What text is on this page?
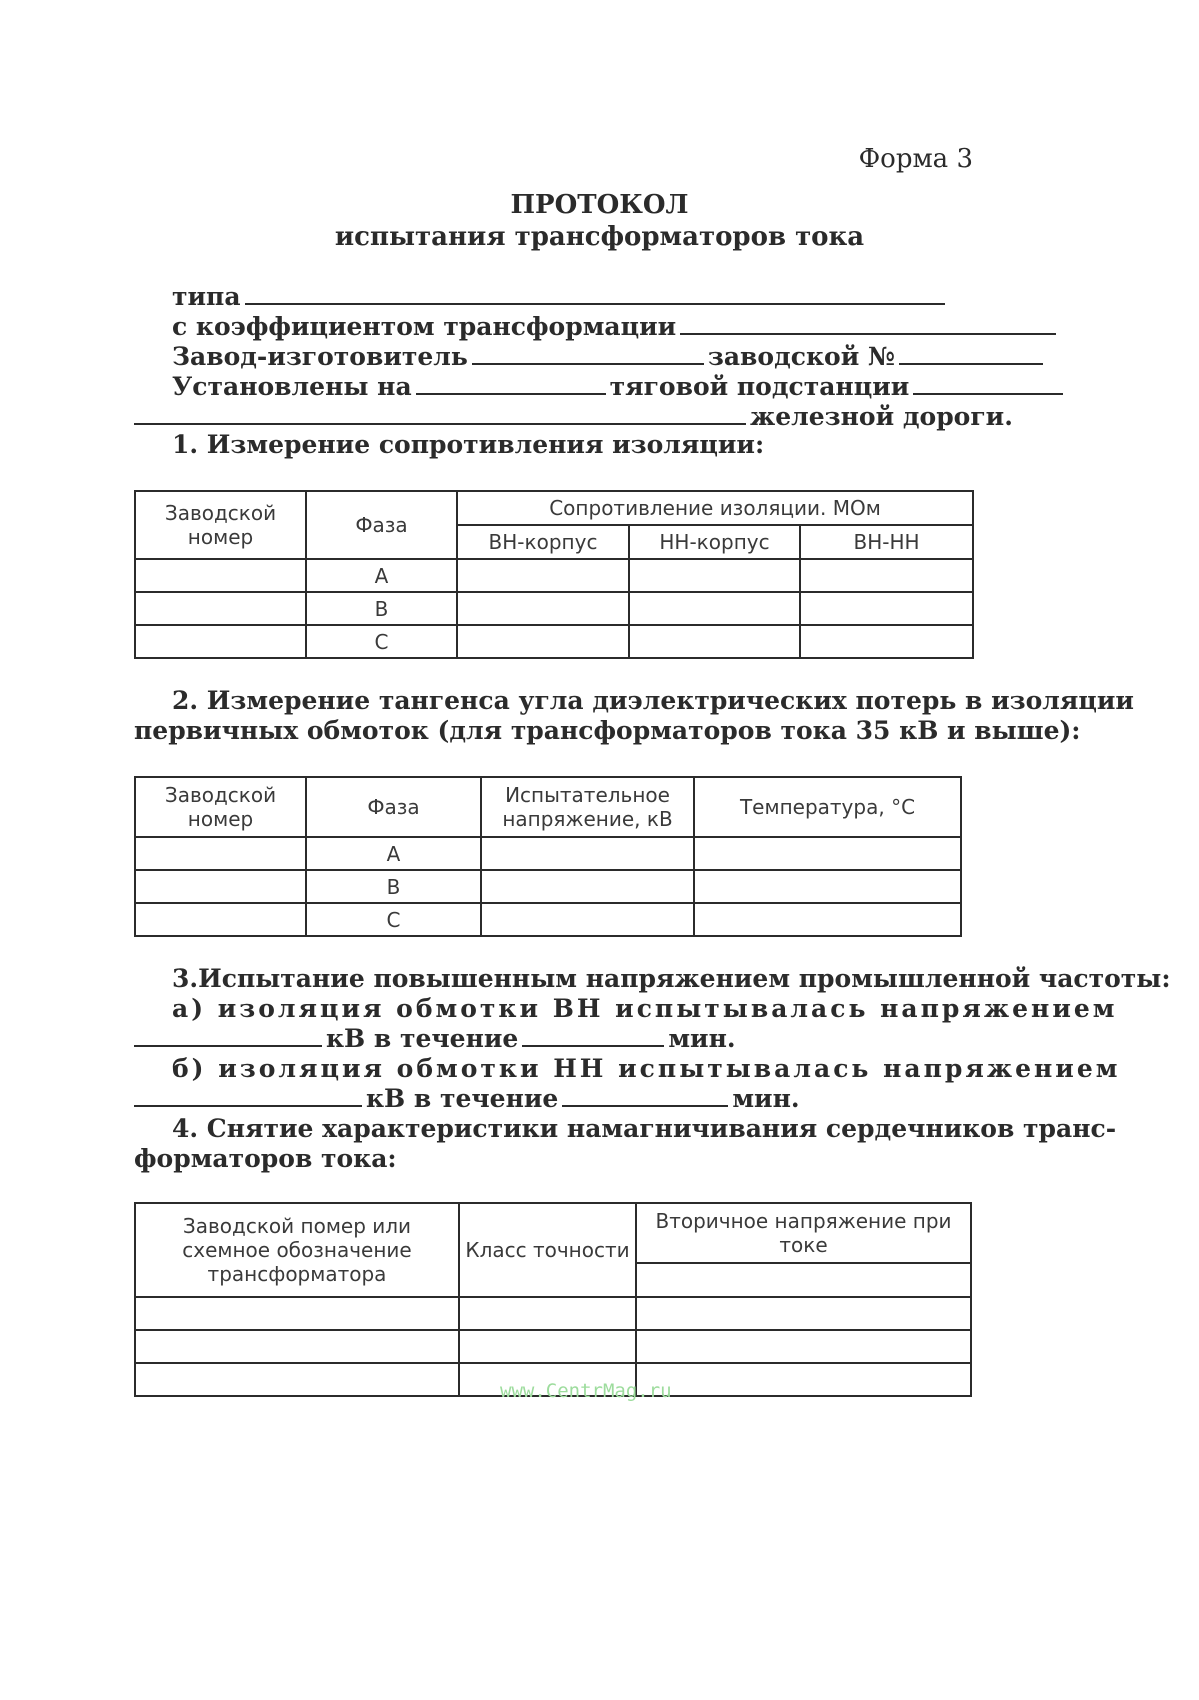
Форма 3
ПРОТОКОЛ
испытания трансформаторов тока
типа
с коэффициентом трансформации
Завод-изготовитель	заводской №
Установлены на	тяговой подстанции
железной дороги.
1. Измерение сопротивления изоляции:
Заводской номер	Фаза	Сопротивление изоляции. МОм		
		ВН-корпус	НН-корпус	ВН-НН
	А			
	В			
	С			
2. Измерение тангенса угла диэлектрических потерь в изоляции
первичных обмоток (для трансформаторов тока 35 кВ и выше):
Заводской номер	Фаза	Испытательное напряжение, кВ	Температура, °С
	А		
	В		
	С		
3.Испытание повышенным напряжением промышленной частоты:
а) изоляция обмотки ВН испытывалась напряжением
кВ в течение	мин.
б) изоляция обмотки НН испытывалась напряжением
кВ в течение	мин.
4. Снятие характеристики намагничивания сердечников транс-
форматоров тока:
Заводской помер или схемное обозначение трансформатора	Класс точности	Вторичное напряжение при токе

www.CentrMag.ru
